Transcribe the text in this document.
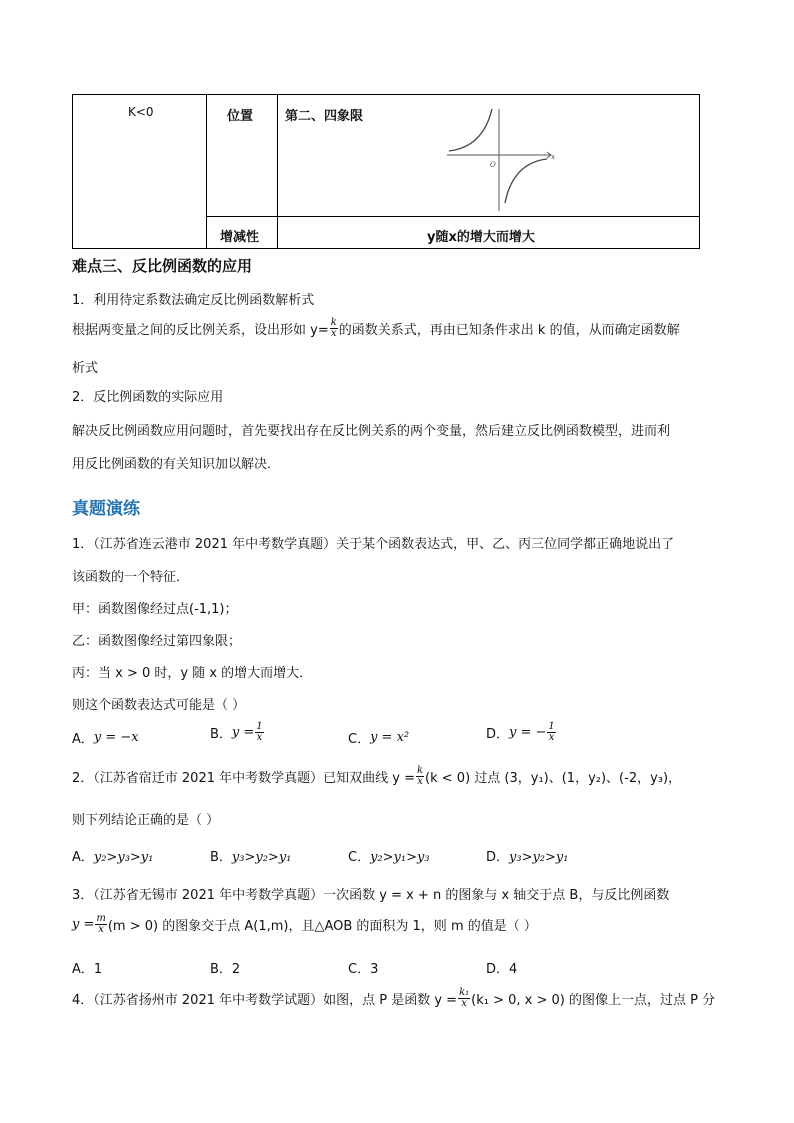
K<0	位置 第二、四象限
增减性	y随x的增大而增大
O
x
难点三、反比例函数的应用
1．利用待定系数法确定反比例函数解析式
根据两变量之间的反比例关系，设出形如 $y= \frac{k}{x}$ 的函数关系式，再由已知条件求出 k 的值，从而确定函数解
析式
2．反比例函数的实际应用
解决反比例函数应用问题时，首先要找出存在反比例关系的两个变量，然后建立反比例函数模型，进而利
用反比例函数的有关知识加以解决．
真题演练
1．（江苏省连云港市 2021 年中考数学真题）关于某个函数表达式，甲、乙、丙三位同学都正确地说出了
该函数的一个特征．
甲：函数图像经过点(-1,1)；
乙：函数图像经过第四象限；
丙：当 x > 0 时，y 随 x 的增大而增大．
则这个函数表达式可能是（ ）
A． y = −x	B． $y = \frac{1}{x}$	C． y = x²	D． y = − $\frac{1}{x}$
2．（江苏省宿迁市 2021 年中考数学真题）已知双曲线 $y = \frac{k}{x} (k < 0)$ 过点 (3，y₁)、(1，y₂)、(-2，y₃)，
则下列结论正确的是（ ）
A．y₂>y₃>y₁	B．y₃>y₂>y₁	C．y₂>y₁>y₃	D．y₃>y₂>y₁
3．（江苏省无锡市 2021 年中考数学真题）一次函数 y = x + n 的图象与 x 轴交于点 B，与反比例函数
$y = \frac{m}{x} (m > 0)$ 的图象交于点 A(1,m)，且△AOB 的面积为 1，则 m 的值是（ ）
A．1	B．2	C．3	D．4
4．（江苏省扬州市 2021 年中考数学试题）如图，点 P 是函数 $y = \frac{\text{k₁}}{x} (k_1 > 0$, x > 0) 的图像上一点，过点 P 分
